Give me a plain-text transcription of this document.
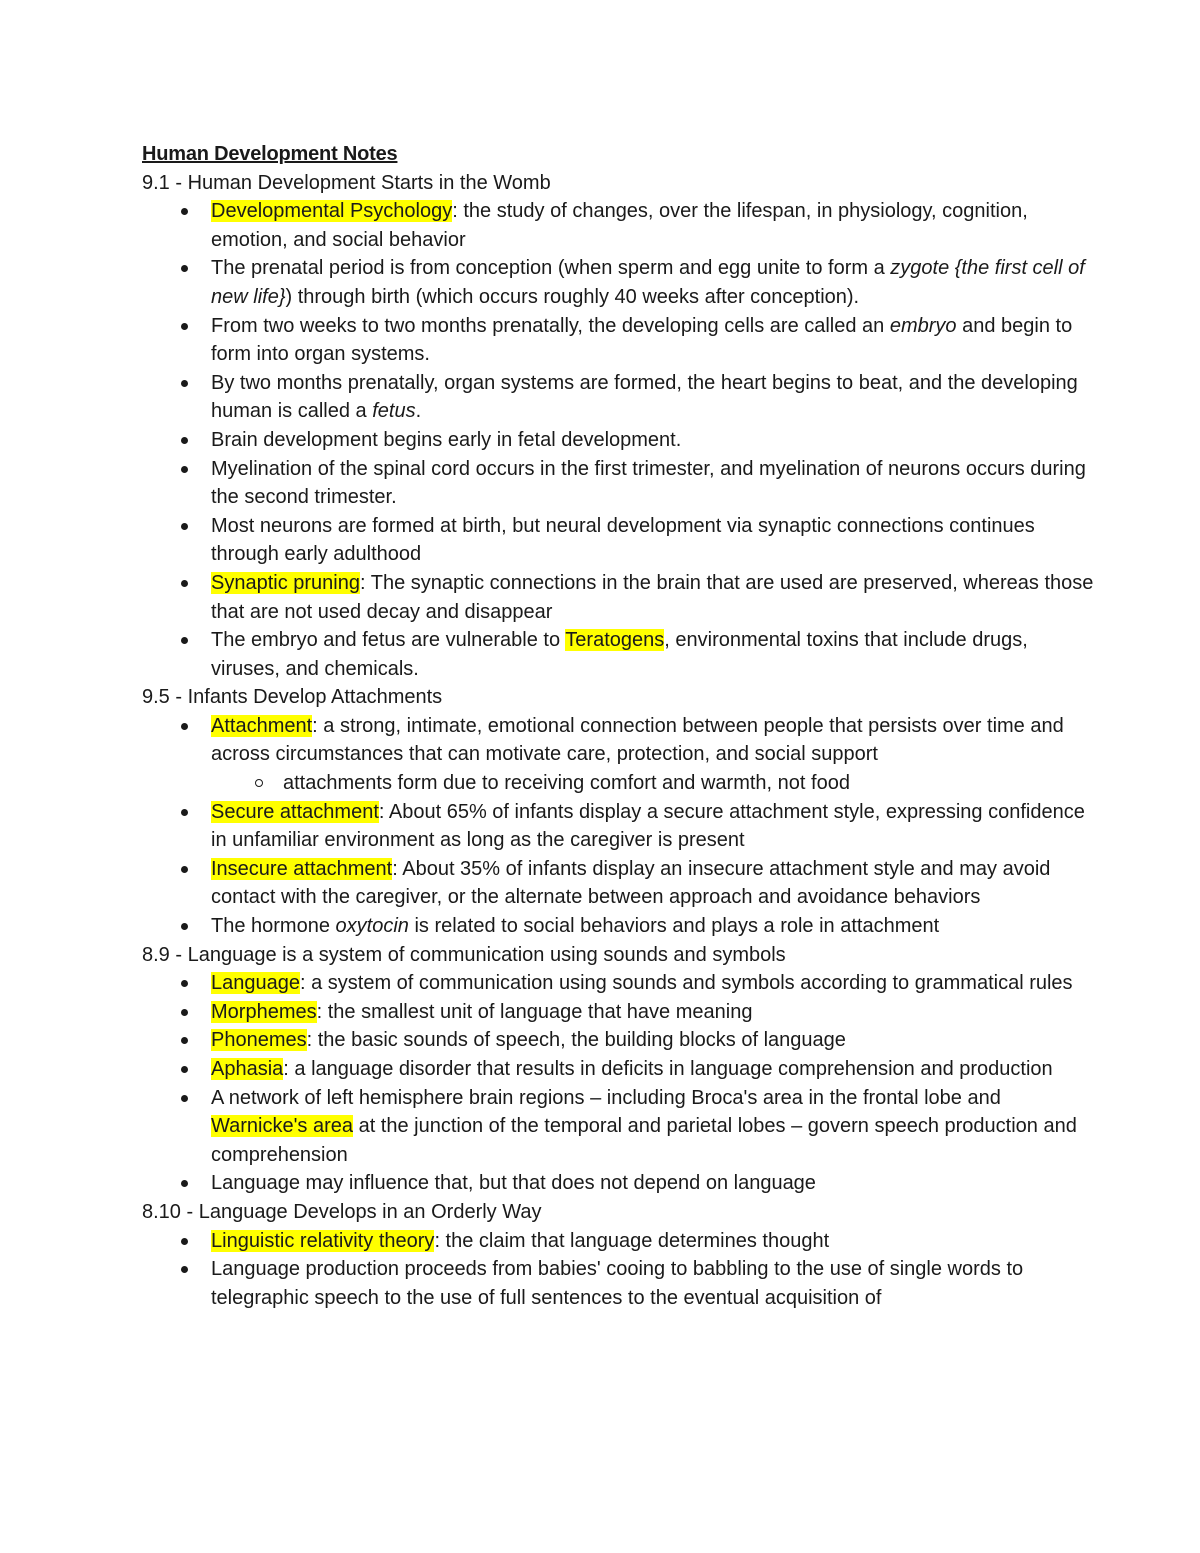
Human Development Notes
9.1 - Human Development Starts in the Womb
Developmental Psychology: the study of changes, over the lifespan, in physiology, cognition, emotion, and social behavior
The prenatal period is from conception (when sperm and egg unite to form a zygote {the first cell of new life}) through birth (which occurs roughly 40 weeks after conception).
From two weeks to two months prenatally, the developing cells are called an embryo and begin to form into organ systems.
By two months prenatally, organ systems are formed, the heart begins to beat, and the developing human is called a fetus.
Brain development begins early in fetal development.
Myelination of the spinal cord occurs in the first trimester, and myelination of neurons occurs during the second trimester.
Most neurons are formed at birth, but neural development via synaptic connections continues through early adulthood
Synaptic pruning: The synaptic connections in the brain that are used are preserved, whereas those that are not used decay and disappear
The embryo and fetus are vulnerable to Teratogens, environmental toxins that include drugs, viruses, and chemicals.
9.5 - Infants Develop Attachments
Attachment: a strong, intimate, emotional connection between people that persists over time and across circumstances that can motivate care, protection, and social support
attachments form due to receiving comfort and warmth, not food
Secure attachment: About 65% of infants display a secure attachment style, expressing confidence in unfamiliar environment as long as the caregiver is present
Insecure attachment: About 35% of infants display an insecure attachment style and may avoid contact with the caregiver, or the alternate between approach and avoidance behaviors
The hormone oxytocin is related to social behaviors and plays a role in attachment
8.9 - Language is a system of communication using sounds and symbols
Language: a system of communication using sounds and symbols according to grammatical rules
Morphemes: the smallest unit of language that have meaning
Phonemes: the basic sounds of speech, the building blocks of language
Aphasia: a language disorder that results in deficits in language comprehension and production
A network of left hemisphere brain regions – including Broca's area in the frontal lobe and Warnicke's area at the junction of the temporal and parietal lobes – govern speech production and comprehension
Language may influence that, but that does not depend on language
8.10 - Language Develops in an Orderly Way
Linguistic relativity theory: the claim that language determines thought
Language production proceeds from babies' cooing to babbling to the use of single words to telegraphic speech to the use of full sentences to the eventual acquisition of
